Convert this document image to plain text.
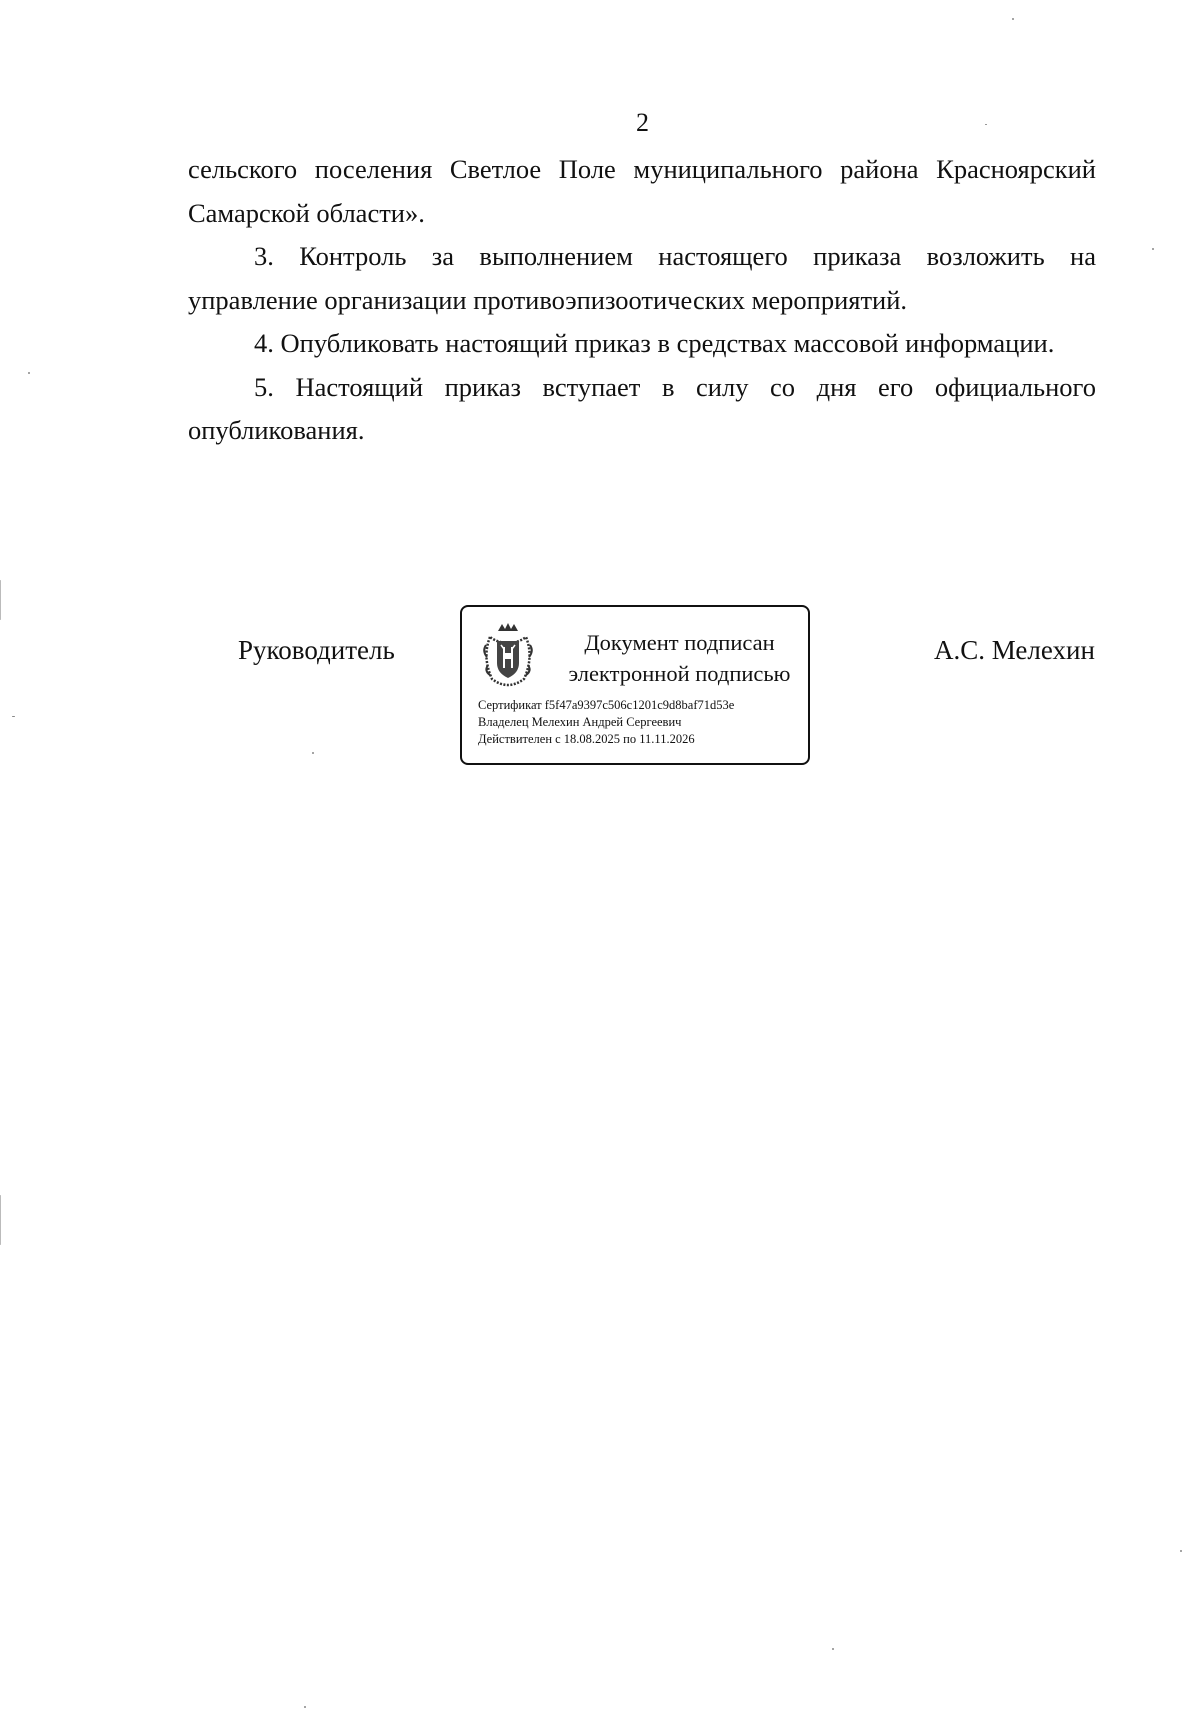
2

сельского поселения Светлое Поле муниципального района Красноярский Самарской области».

3. Контроль за выполнением настоящего приказа возложить на управление организации противоэпизоотических мероприятий.

4. Опубликовать настоящий приказ в средствах массовой информации.

5. Настоящий приказ вступает в силу со дня его официального опубликования.

Руководитель	Документ подписан электронной подписью
Сертификат f5f47a9397c506c1201c9d8baf71d53e
Владелец Мелехин Андрей Сергеевич
Действителен с 18.08.2025 по 11.11.2026
А.С. Мелехин
